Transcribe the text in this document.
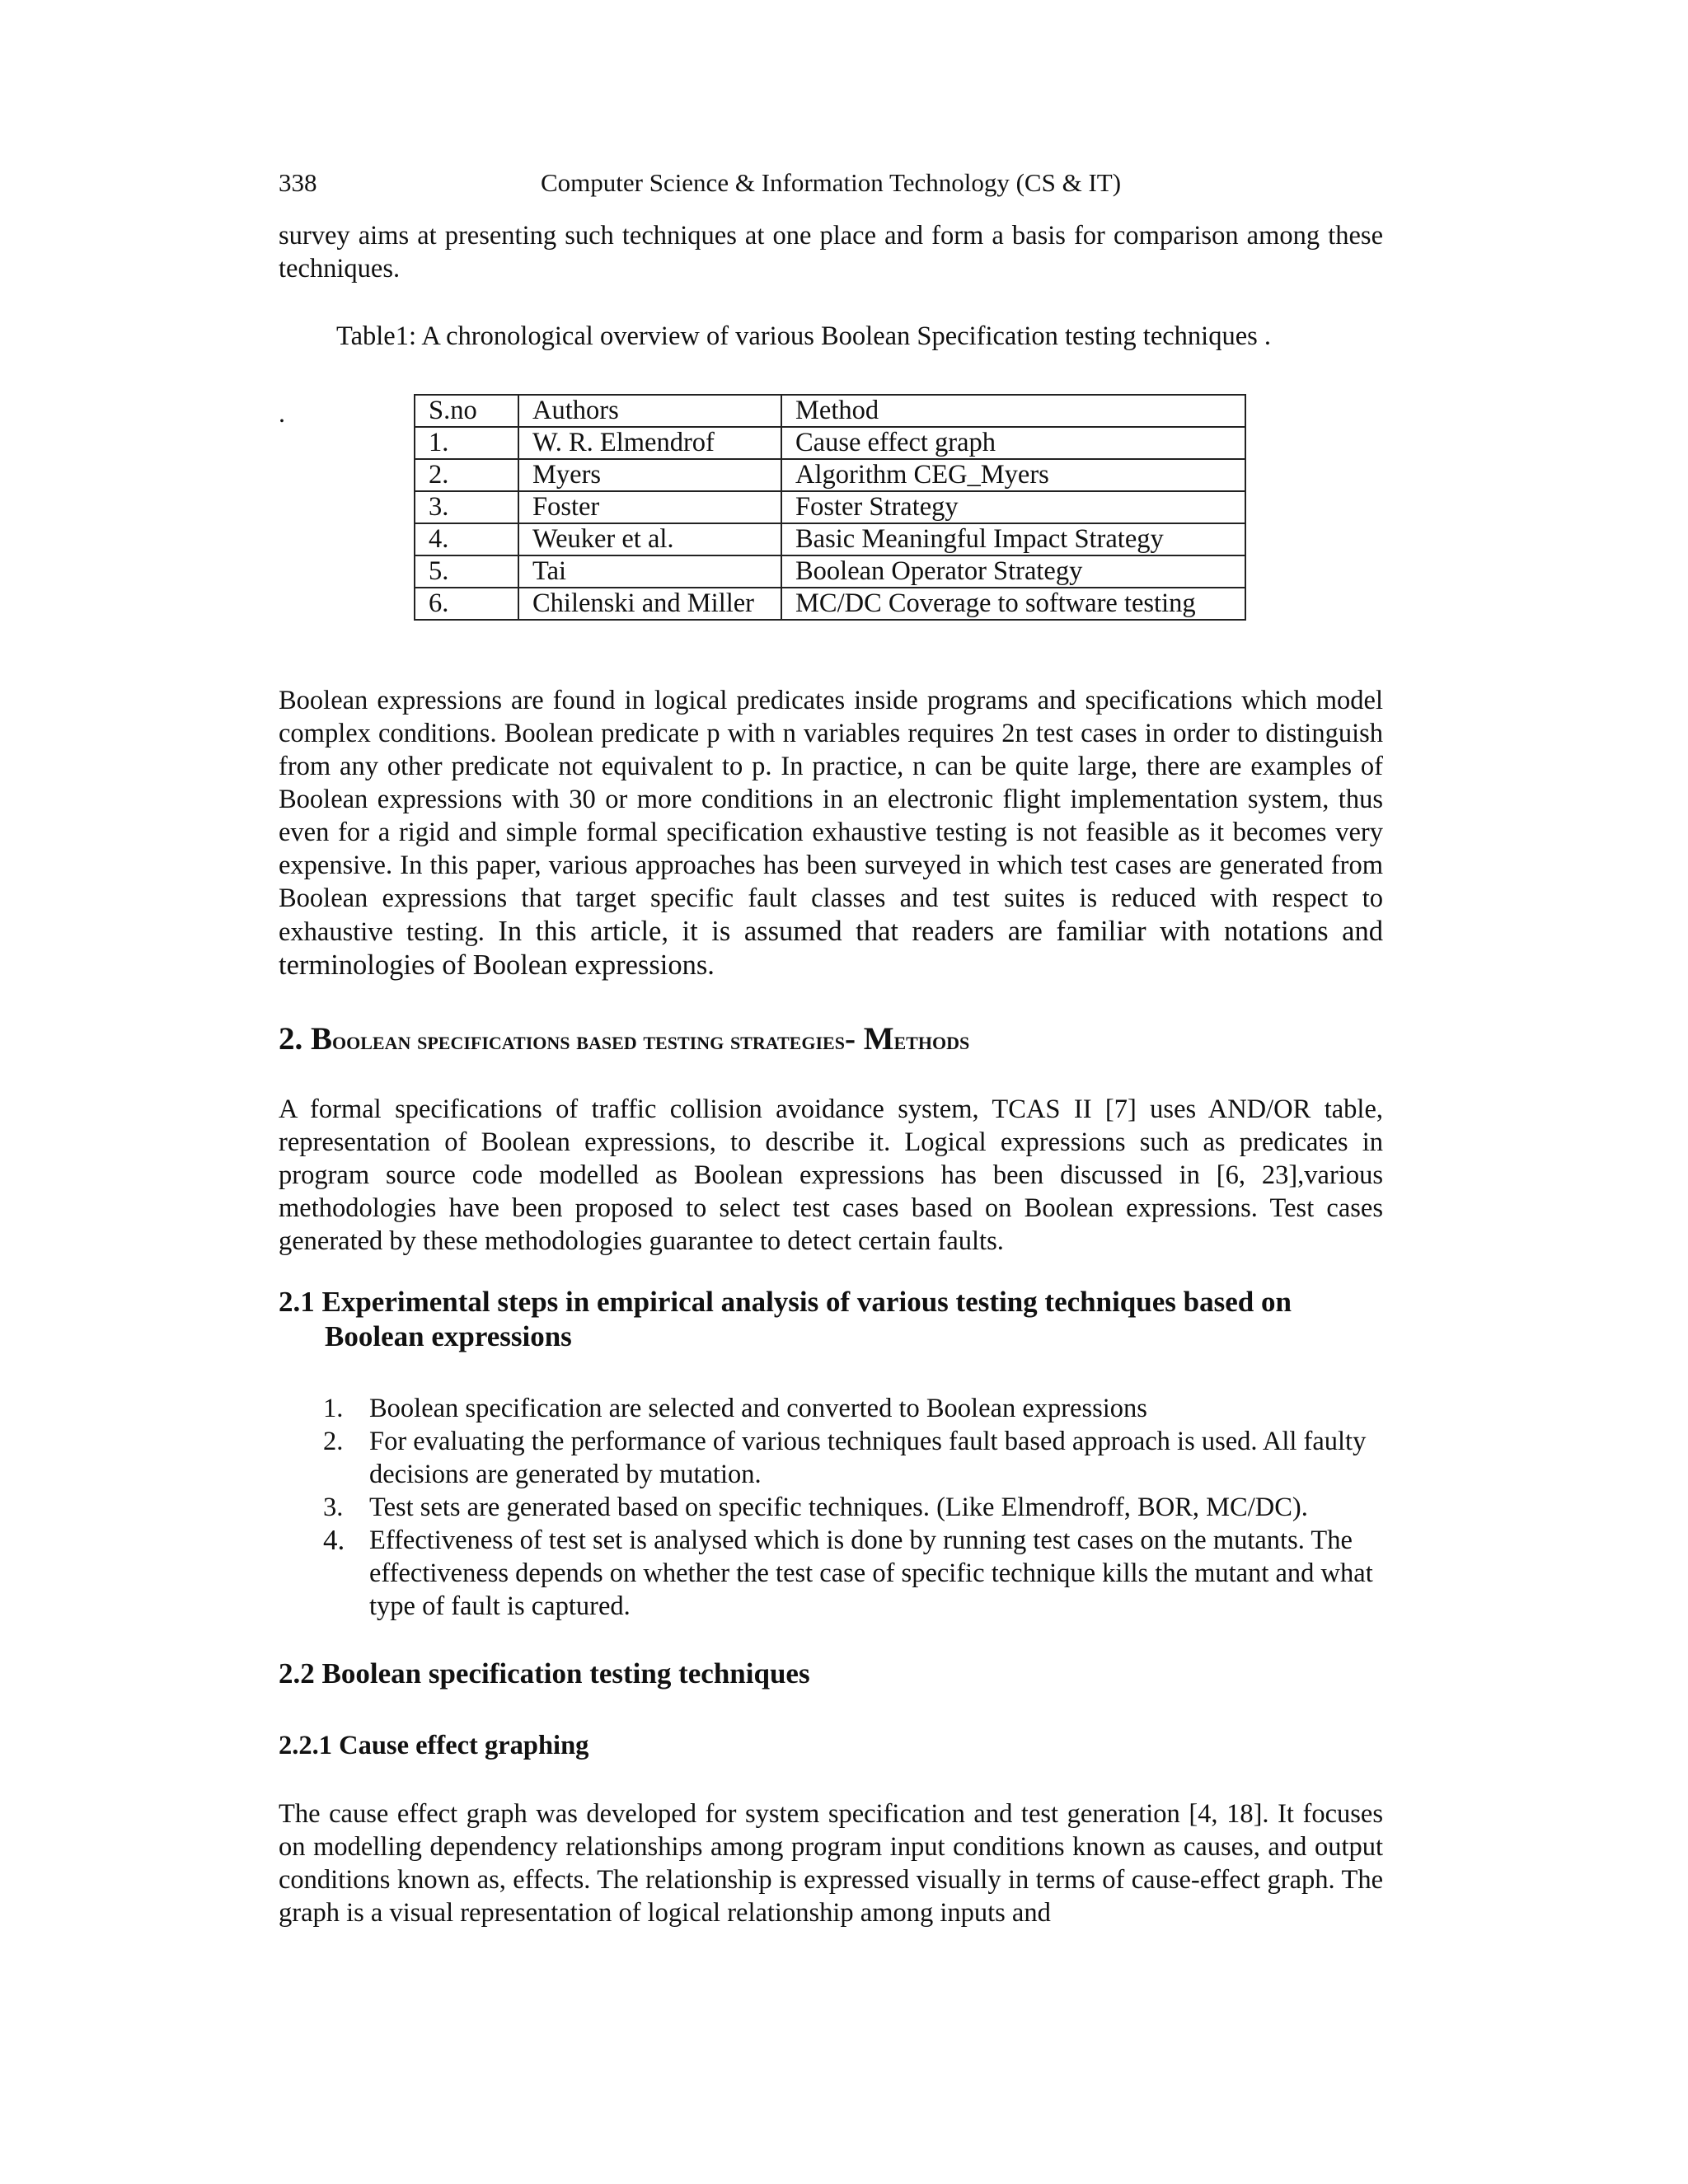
338	Computer Science & Information Technology (CS & IT)

survey aims at presenting such techniques at one place and form a basis for comparison among these techniques.

Table1: A chronological overview of various Boolean Specification testing techniques .
.	S.no	Authors	Method
1.	W. R. Elmendrof	Cause effect graph
2.	Myers	Algorithm CEG_Myers
3.	Foster	Foster Strategy
4.	Weuker et al.	Basic Meaningful Impact Strategy
5.	Tai	Boolean Operator Strategy
6.	Chilenski and Miller	MC/DC Coverage to software testing

Boolean expressions are found in logical predicates inside programs and specifications which model complex conditions. Boolean predicate p with n variables requires 2n test cases in order to distinguish from any other predicate not equivalent to p. In practice, n can be quite large, there are examples of Boolean expressions with 30 or more conditions in an electronic flight implementation system, thus even for a rigid and simple formal specification exhaustive testing is not feasible as it becomes very expensive. In this paper, various approaches has been surveyed in which test cases are generated from Boolean expressions that target specific fault classes and test suites is reduced with respect to exhaustive testing. In this article, it is assumed that readers are familiar with notations and terminologies of Boolean expressions.

2. Boolean specifications based testing strategies- Methods

A formal specifications of traffic collision avoidance system, TCAS II [7] uses AND/OR table, representation of Boolean expressions, to describe it. Logical expressions such as predicates in program source code modelled as Boolean expressions has been discussed in [6, 23],various methodologies have been proposed to select test cases based on Boolean expressions. Test cases generated by these methodologies guarantee to detect certain faults.

2.1 Experimental steps in empirical analysis of various testing techniques based on
Boolean expressions
1. Boolean specification are selected and converted to Boolean expressions
2. For evaluating the performance of various techniques fault based approach is used. All faulty decisions are generated by mutation.
3. Test sets are generated based on specific techniques. (Like Elmendroff, BOR, MC/DC).
4. Effectiveness of test set is analysed which is done by running test cases on the mutants. The effectiveness depends on whether the test case of specific technique kills the mutant and what type of fault is captured.
2.2 Boolean specification testing techniques
2.2.1 Cause effect graphing

The cause effect graph was developed for system specification and test generation [4, 18]. It focuses on modelling dependency relationships among program input conditions known as causes, and output conditions known as, effects. The relationship is expressed visually in terms of cause-effect graph. The graph is a visual representation of logical relationship among inputs and
